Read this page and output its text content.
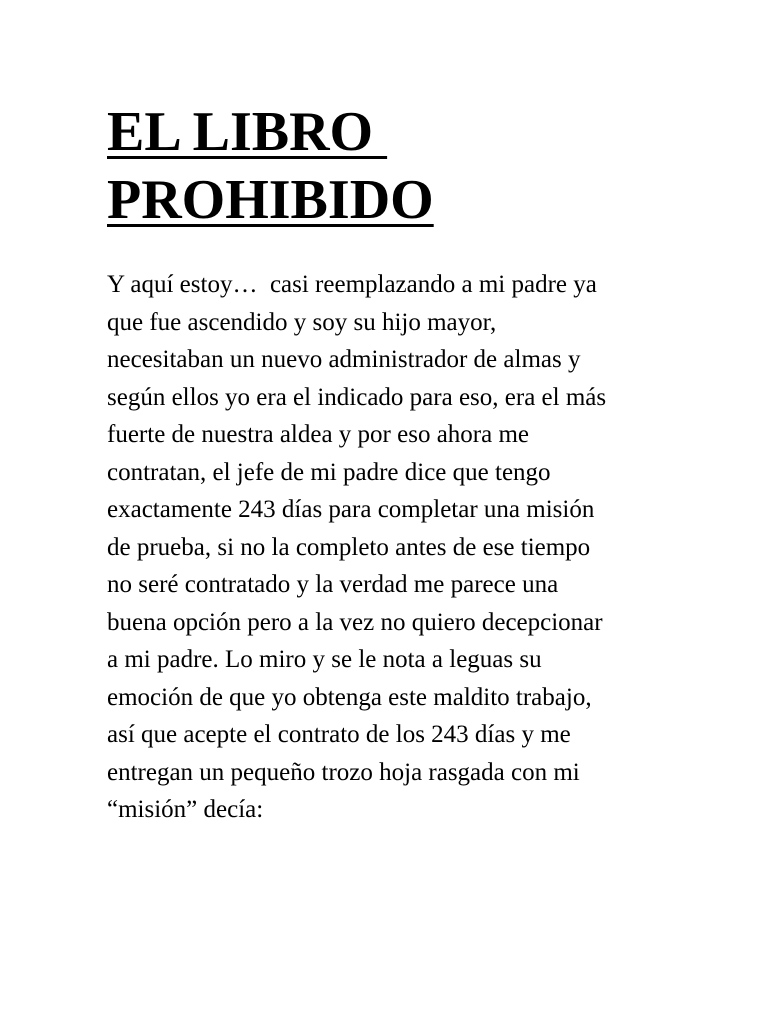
EL LIBRO
PROHIBIDO
Y aquí estoy…  casi reemplazando a mi padre ya
que fue ascendido y soy su hijo mayor,
necesitaban un nuevo administrador de almas y
según ellos yo era el indicado para eso, era el más
fuerte de nuestra aldea y por eso ahora me
contratan, el jefe de mi padre dice que tengo
exactamente 243 días para completar una misión
de prueba, si no la completo antes de ese tiempo
no seré contratado y la verdad me parece una
buena opción pero a la vez no quiero decepcionar
a mi padre. Lo miro y se le nota a leguas su
emoción de que yo obtenga este maldito trabajo,
así que acepte el contrato de los 243 días y me
entregan un pequeño trozo hoja rasgada con mi
“misión” decía:
